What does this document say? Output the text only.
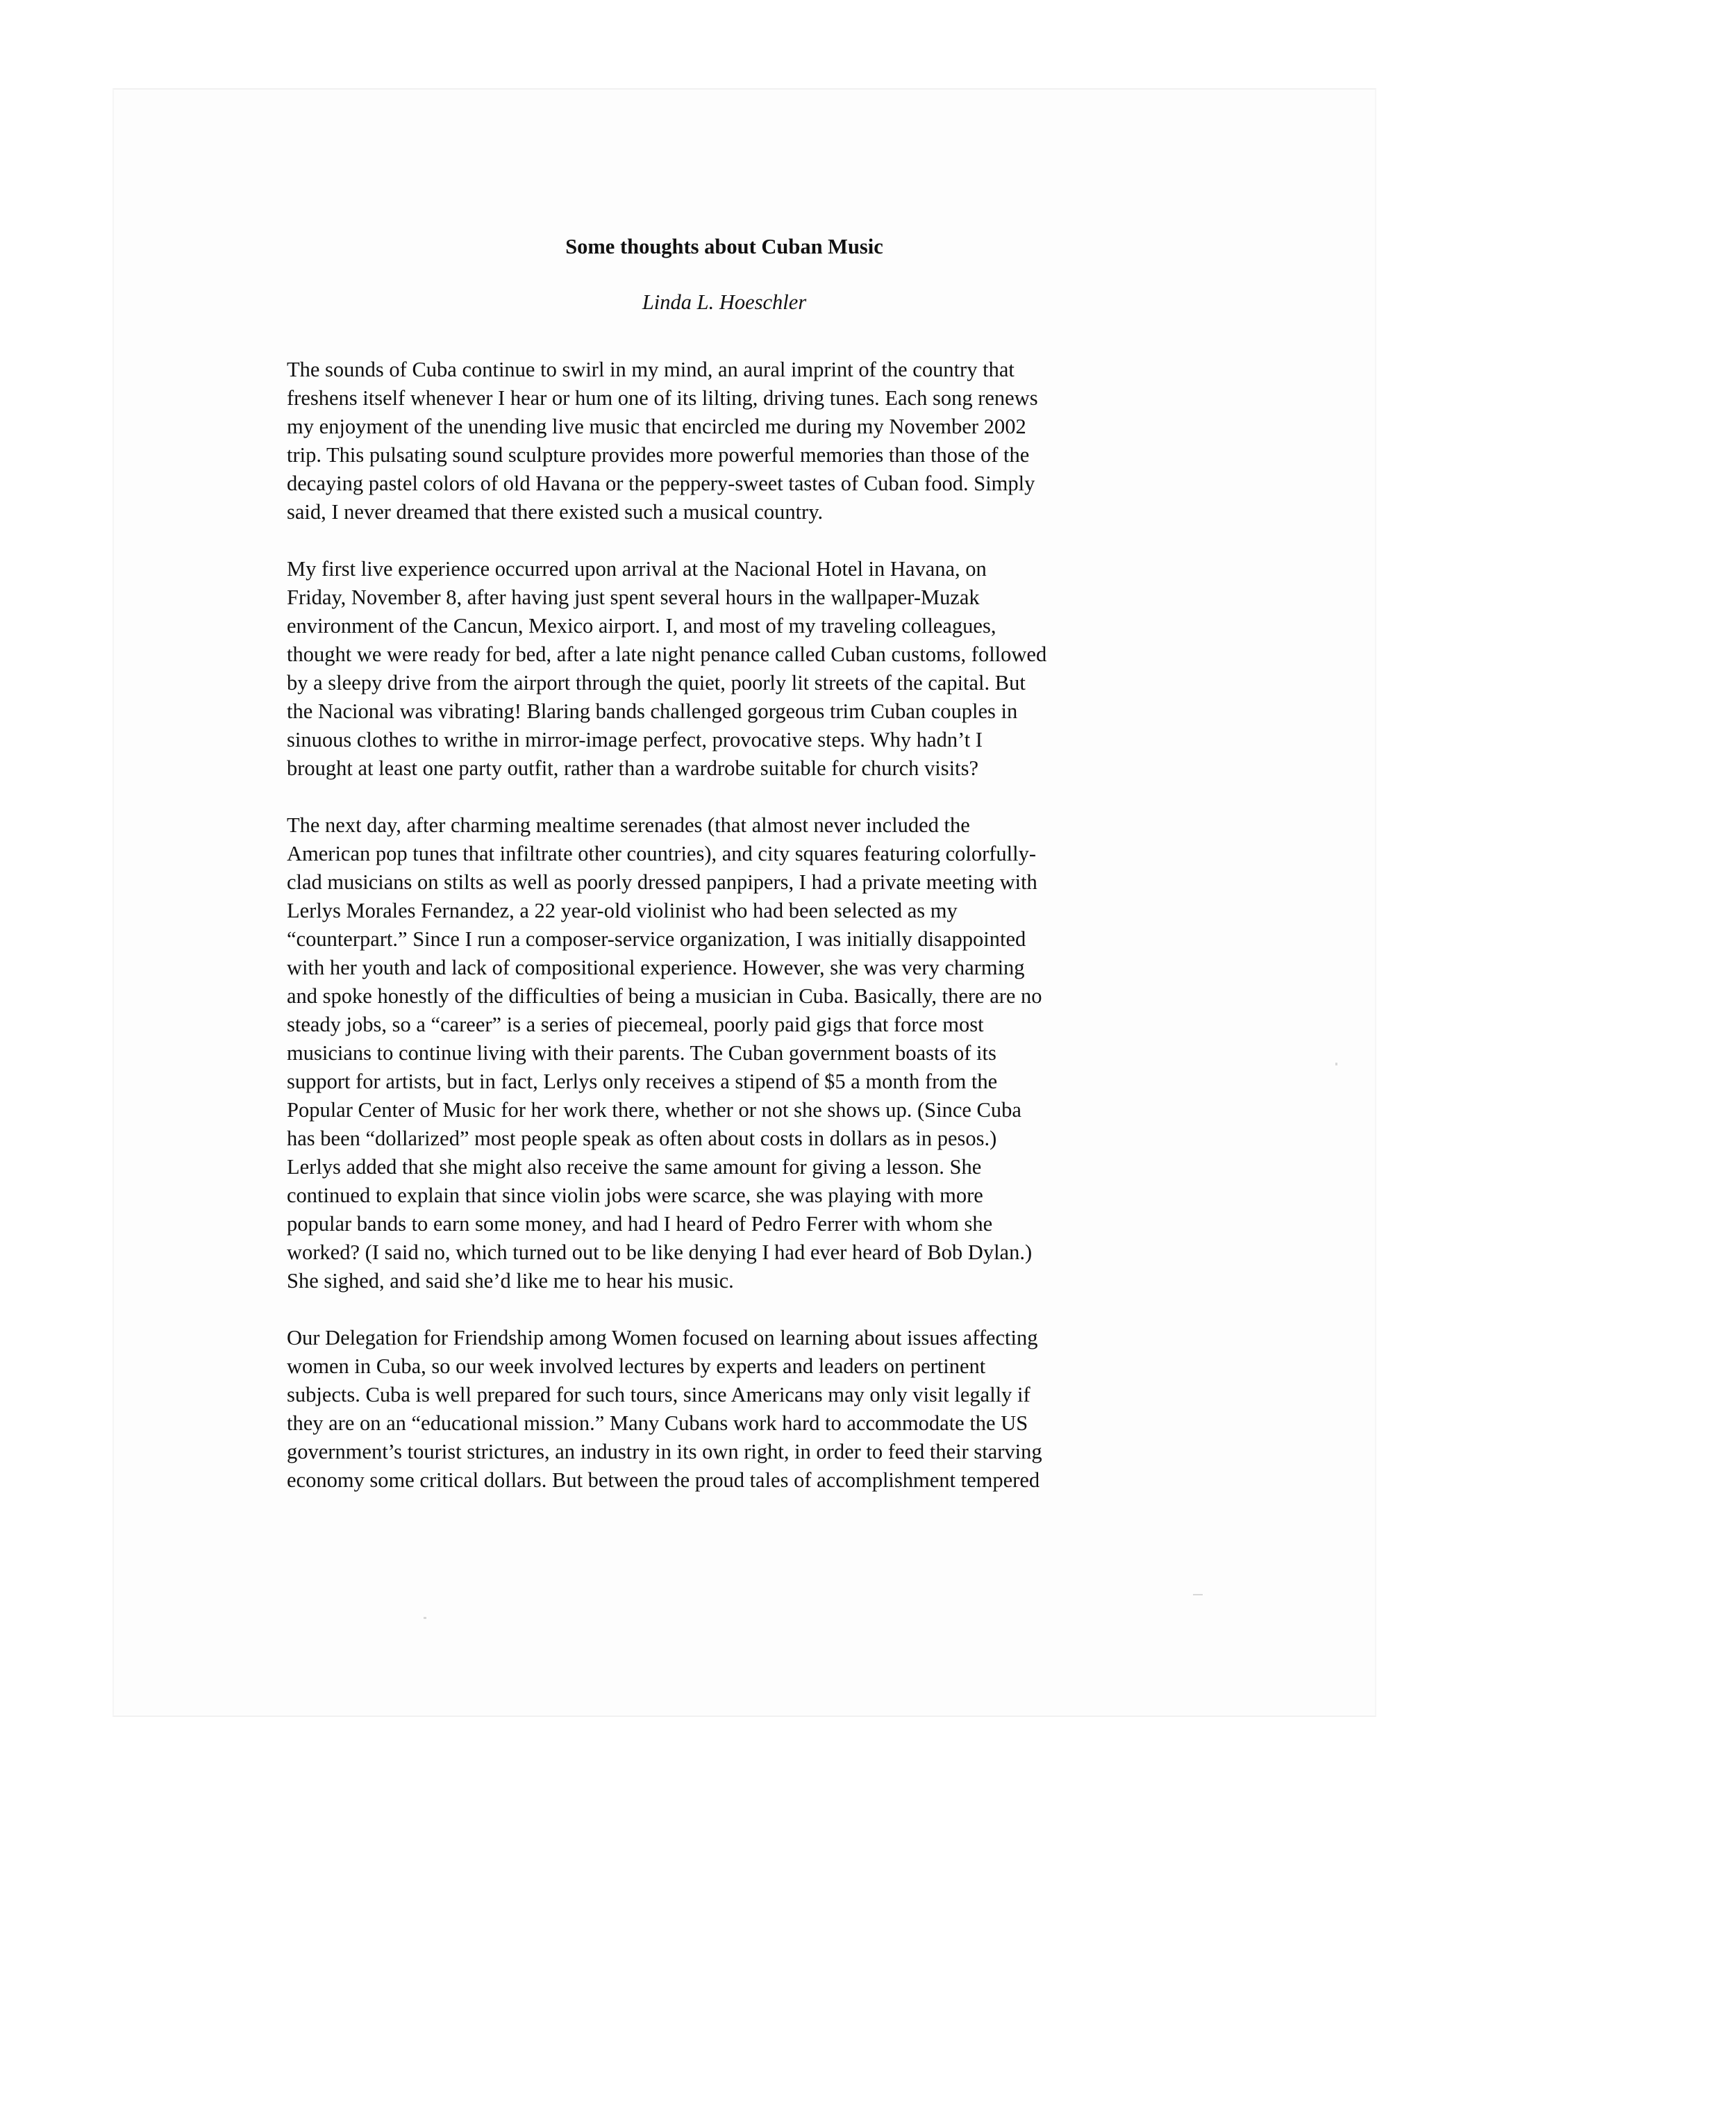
Some thoughts about Cuban Music
Linda L. Hoeschler

The sounds of Cuba continue to swirl in my mind, an aural imprint of the country that
freshens itself whenever I hear or hum one of its lilting, driving tunes. Each song renews
my enjoyment of the unending live music that encircled me during my November 2002
trip. This pulsating sound sculpture provides more powerful memories than those of the
decaying pastel colors of old Havana or the peppery-sweet tastes of Cuban food. Simply
said, I never dreamed that there existed such a musical country.

My first live experience occurred upon arrival at the Nacional Hotel in Havana, on
Friday, November 8, after having just spent several hours in the wallpaper-Muzak
environment of the Cancun, Mexico airport. I, and most of my traveling colleagues,
thought we were ready for bed, after a late night penance called Cuban customs, followed
by a sleepy drive from the airport through the quiet, poorly lit streets of the capital. But
the Nacional was vibrating! Blaring bands challenged gorgeous trim Cuban couples in
sinuous clothes to writhe in mirror-image perfect, provocative steps. Why hadn’t I
brought at least one party outfit, rather than a wardrobe suitable for church visits?

The next day, after charming mealtime serenades (that almost never included the
American pop tunes that infiltrate other countries), and city squares featuring colorfully-
clad musicians on stilts as well as poorly dressed panpipers, I had a private meeting with
Lerlys Morales Fernandez, a 22 year-old violinist who had been selected as my
“counterpart.” Since I run a composer-service organization, I was initially disappointed
with her youth and lack of compositional experience. However, she was very charming
and spoke honestly of the difficulties of being a musician in Cuba. Basically, there are no
steady jobs, so a “career” is a series of piecemeal, poorly paid gigs that force most
musicians to continue living with their parents. The Cuban government boasts of its
support for artists, but in fact, Lerlys only receives a stipend of $5 a month from the
Popular Center of Music for her work there, whether or not she shows up. (Since Cuba
has been “dollarized” most people speak as often about costs in dollars as in pesos.)
Lerlys added that she might also receive the same amount for giving a lesson. She
continued to explain that since violin jobs were scarce, she was playing with more
popular bands to earn some money, and had I heard of Pedro Ferrer with whom she
worked? (I said no, which turned out to be like denying I had ever heard of Bob Dylan.)
She sighed, and said she’d like me to hear his music.

Our Delegation for Friendship among Women focused on learning about issues affecting
women in Cuba, so our week involved lectures by experts and leaders on pertinent
subjects. Cuba is well prepared for such tours, since Americans may only visit legally if
they are on an “educational mission.” Many Cubans work hard to accommodate the US
government’s tourist strictures, an industry in its own right, in order to feed their starving
economy some critical dollars. But between the proud tales of accomplishment tempered
